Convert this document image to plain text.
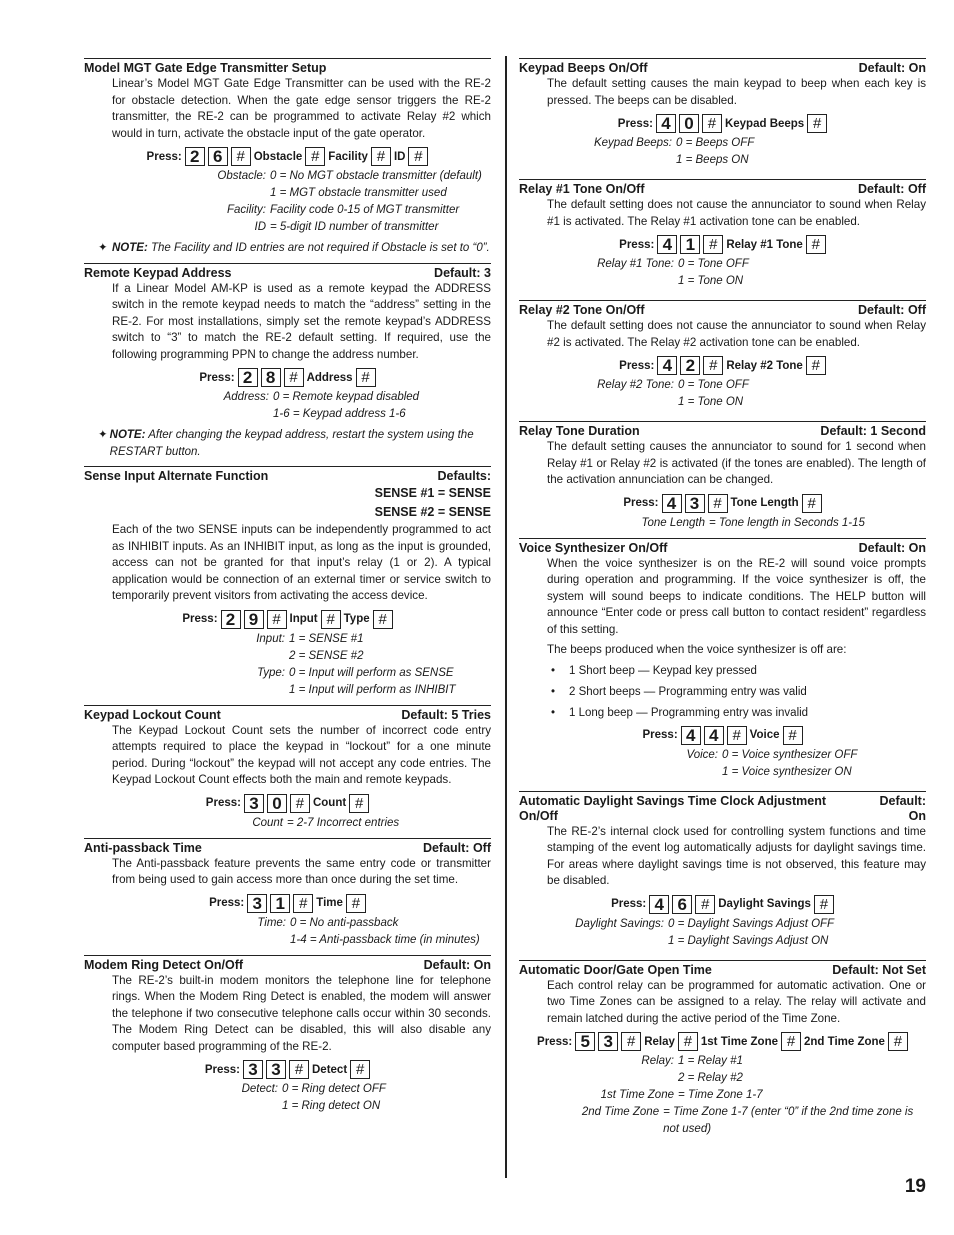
Model MGT Gate Edge Transmitter Setup
Linear’s Model MGT Gate Edge Transmitter can be used with the RE-2 for obstacle detection. When the gate edge sensor triggers the RE-2 transmitter, the RE-2 can be programmed to activate Relay #2 which would in turn, activate the obstacle input of the gate operator.
Press: 2 6 # Obstacle # Facility # ID #
Obstacle: 0 = No MGT obstacle transmitter (default)
1 = MGT obstacle transmitter used
Facility: Facility code 0-15 of MGT transmitter
ID = 5-digit ID number of transmitter
✦ NOTE: The Facility and ID entries are not required if Obstacle is set to “0”.
Remote Keypad Address	Default: 3
If a Linear Model AM-KP is used as a remote keypad the ADDRESS switch in the remote keypad needs to match the “address” setting in the RE-2. For most installations, simply set the remote keypad’s ADDRESS switch to “3” to match the RE-2 default setting. If required, use the following programming PPN to change the address number.
Press: 2 8 # Address #
Address: 0 = Remote keypad disabled
1-6 = Keypad address 1-6
✦ NOTE: After changing the keypad address, restart the system using the RESTART button.
Sense Input Alternate Function	Defaults:
SENSE #1 = SENSE
SENSE #2 = SENSE
Each of the two SENSE inputs can be independently programmed to act as INHIBIT inputs. As an INHIBIT input, as long as the input is grounded, access can not be granted for that input’s relay (1 or 2). A typical application would be connection of an external timer or service switch to temporarily prevent visitors from activating the access device.
Press: 2 9 # Input # Type #
Input: 1 = SENSE #1
2 = SENSE #2
Type: 0 = Input will perform as SENSE
1 = Input will perform as INHIBIT
Keypad Lockout Count	Default: 5 Tries
The Keypad Lockout Count sets the number of incorrect code entry attempts required to place the keypad in “lockout” for a one minute period. During “lockout” the keypad will not accept any code entries. The Keypad Lockout Count effects both the main and remote keypads.
Press: 3 0 # Count #
Count = 2-7 Incorrect entries
Anti-passback Time	Default: Off
The Anti-passback feature prevents the same entry code or transmitter from being used to gain access more than once during the set time.
Press: 3 1 # Time #
Time: 0 = No anti-passback
1-4 = Anti-passback time (in minutes)
Modem Ring Detect On/Off	Default: On
The RE-2’s built-in modem monitors the telephone line for telephone rings. When the Modem Ring Detect is enabled, the modem will answer the telephone if two consecutive telephone calls occur within 30 seconds. The Modem Ring Detect can be disabled, this will also disable any computer based programming of the RE-2.
Press: 3 3 # Detect #
Detect: 0 = Ring detect OFF
1 = Ring detect ON
Keypad Beeps On/Off	Default: On
The default setting causes the main keypad to beep when each key is pressed. The beeps can be disabled.
Press: 4 0 # Keypad Beeps #
Keypad Beeps: 0 = Beeps OFF
1 = Beeps ON
Relay #1 Tone On/Off	Default: Off
The default setting does not cause the annunciator to sound when Relay #1 is activated. The Relay #1 activation tone can be enabled.
Press: 4 1 # Relay #1 Tone #
Relay #1 Tone: 0 = Tone OFF
1 = Tone ON
Relay #2 Tone On/Off	Default: Off
The default setting does not cause the annunciator to sound when Relay #2 is activated. The Relay #2 activation tone can be enabled.
Press: 4 2 # Relay #2 Tone #
Relay #2 Tone: 0 = Tone OFF
1 = Tone ON
Relay Tone Duration	Default: 1 Second
The default setting causes the annunciator to sound for 1 second when Relay #1 or Relay #2 is activated (if the tones are enabled). The length of the activation annunciation can be changed.
Press: 4 3 # Tone Length #
Tone Length = Tone length in Seconds 1-15
Voice Synthesizer On/Off	Default: On
When the voice synthesizer is on the RE-2 will sound voice prompts during operation and programming. If the voice synthesizer is off, the system will sound beeps to indicate conditions. The HELP button will announce “Enter code or press call button to contact resident” regardless of this setting.
The beeps produced when the voice synthesizer is off are:
• 1 Short beep — Keypad key pressed
• 2 Short beeps — Programming entry was valid
• 1 Long beep — Programming entry was invalid
Press: 4 4 # Voice #
Voice: 0 = Voice synthesizer OFF
1 = Voice synthesizer ON
Automatic Daylight Savings Time Clock Adjustment On/Off
Default: On
The RE-2’s internal clock used for controlling system functions and time stamping of the event log automatically adjusts for daylight savings time. For areas where daylight savings time is not observed, this feature may be disabled.
Press: 4 6 # Daylight Savings #
Daylight Savings: 0 = Daylight Savings Adjust OFF
1 = Daylight Savings Adjust ON
Automatic Door/Gate Open Time	Default: Not Set
Each control relay can be programmed for automatic activation. One or two Time Zones can be assigned to a relay. The relay will activate and remain latched during the active period of the Time Zone.
Press: 5 3 # Relay # 1st Time Zone # 2nd Time Zone #
Relay: 1 = Relay #1
2 = Relay #2
1st Time Zone = Time Zone 1-7
2nd Time Zone = Time Zone 1-7 (enter “0” if the 2nd time zone is not used)
19
